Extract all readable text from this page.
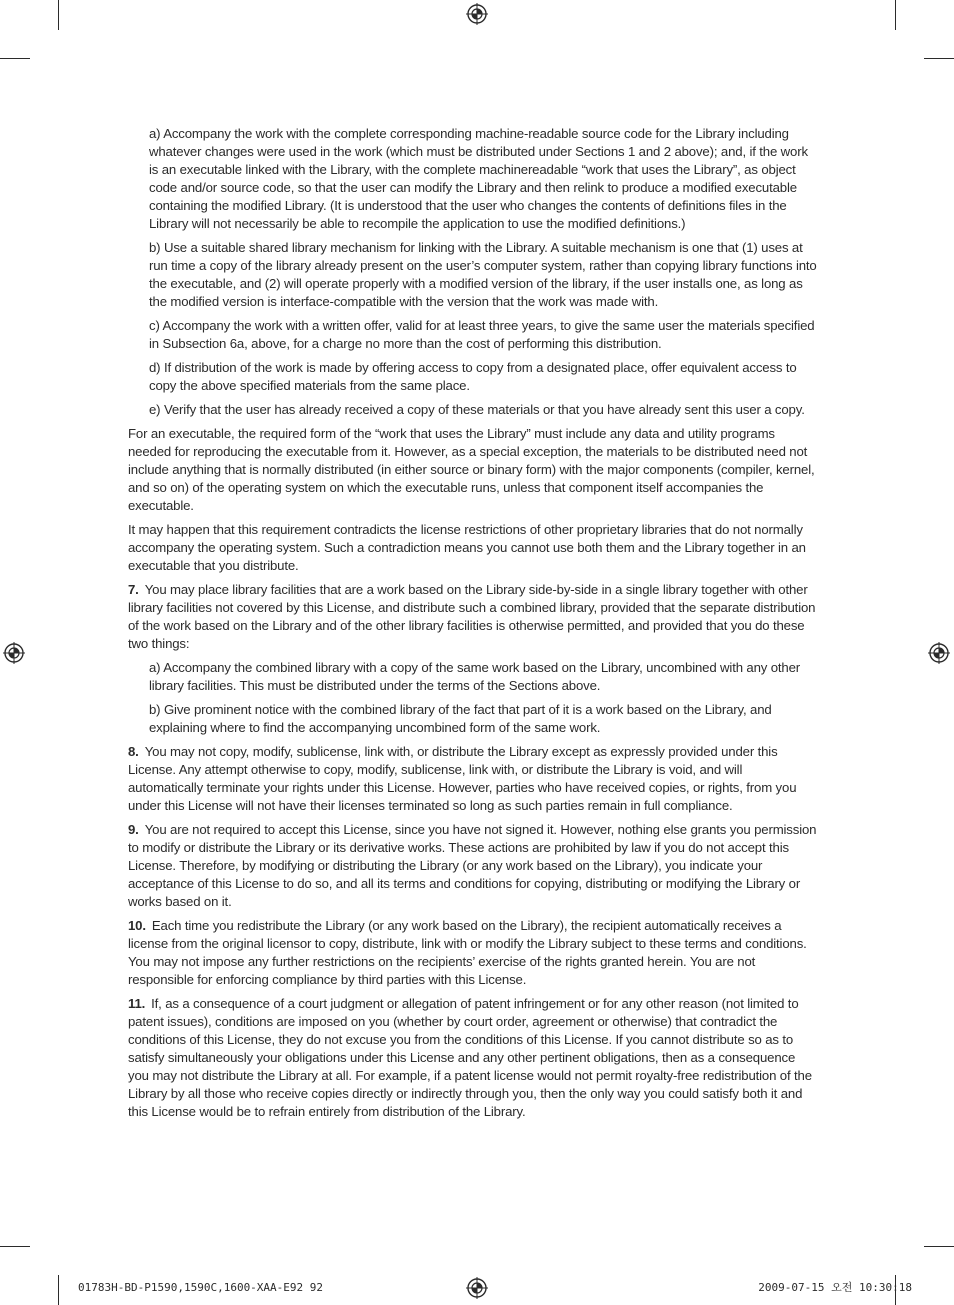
a) Accompany the work with the complete corresponding machine-readable source code for the Library including whatever changes were used in the work (which must be distributed under Sections 1 and 2 above); and, if the work is an executable linked with the Library, with the complete machinereadable “work that uses the Library”, as object code and/or source code, so that the user can modify the Library and then relink to produce a modified executable containing the modified Library. (It is understood that the user who changes the contents of definitions files in the Library will not necessarily be able to recompile the application to use the modified definitions.)

b) Use a suitable shared library mechanism for linking with the Library. A suitable mechanism is one that (1) uses at run time a copy of the library already present on the user’s computer system, rather than copying library functions into the executable, and (2) will operate properly with a modified version of the library, if the user installs one, as long as the modified version is interface-compatible with the version that the work was made with.

c) Accompany the work with a written offer, valid for at least three years, to give the same user the materials specified in Subsection 6a, above, for a charge no more than the cost of performing this distribution.

d) If distribution of the work is made by offering access to copy from a designated place, offer equivalent access to copy the above specified materials from the same place.

e) Verify that the user has already received a copy of these materials or that you have already sent this user a copy.

For an executable, the required form of the “work that uses the Library” must include any data and utility programs needed for reproducing the executable from it. However, as a special exception, the materials to be distributed need not include anything that is normally distributed (in either source or binary form) with the major components (compiler, kernel, and so on) of the operating system on which the executable runs, unless that component itself accompanies the executable.

It may happen that this requirement contradicts the license restrictions of other proprietary libraries that do not normally accompany the operating system. Such a contradiction means you cannot use both them and the Library together in an executable that you distribute.

7. You may place library facilities that are a work based on the Library side-by-side in a single library together with other library facilities not covered by this License, and distribute such a combined library, provided that the separate distribution of the work based on the Library and of the other library facilities is otherwise permitted, and provided that you do these two things:

a) Accompany the combined library with a copy of the same work based on the Library, uncombined with any other library facilities. This must be distributed under the terms of the Sections above.

b) Give prominent notice with the combined library of the fact that part of it is a work based on the Library, and explaining where to find the accompanying uncombined form of the same work.

8. You may not copy, modify, sublicense, link with, or distribute the Library except as expressly provided under this License. Any attempt otherwise to copy, modify, sublicense, link with, or distribute the Library is void, and will automatically terminate your rights under this License. However, parties who have received copies, or rights, from you under this License will not have their licenses terminated so long as such parties remain in full compliance.

9. You are not required to accept this License, since you have not signed it. However, nothing else grants you permission to modify or distribute the Library or its derivative works. These actions are prohibited by law if you do not accept this License. Therefore, by modifying or distributing the Library (or any work based on the Library), you indicate your acceptance of this License to do so, and all its terms and conditions for copying, distributing or modifying the Library or works based on it.

10. Each time you redistribute the Library (or any work based on the Library), the recipient automatically receives a license from the original licensor to copy, distribute, link with or modify the Library subject to these terms and conditions. You may not impose any further restrictions on the recipients’ exercise of the rights granted herein. You are not responsible for enforcing compliance by third parties with this License.

11. If, as a consequence of a court judgment or allegation of patent infringement or for any other reason (not limited to patent issues), conditions are imposed on you (whether by court order, agreement or otherwise) that contradict the conditions of this License, they do not excuse you from the conditions of this License. If you cannot distribute so as to satisfy simultaneously your obligations under this License and any other pertinent obligations, then as a consequence you may not distribute the Library at all. For example, if a patent license would not permit royalty-free redistribution of the Library by all those who receive copies directly or indirectly through you, then the only way you could satisfy both it and this License would be to refrain entirely from distribution of the Library.

01783H-BD-P1590,1590C,1600-XAA-E92 92	2009-07-15 오전 10:30:18
